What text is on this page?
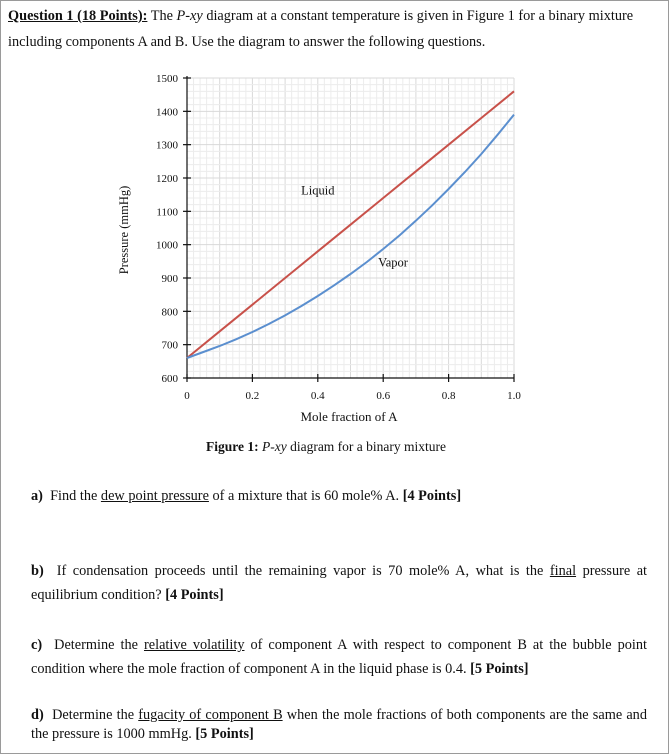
Question 1 (18 Points): The P-xy diagram at a constant temperature is given in Figure 1 for a binary mixture including components A and B. Use the diagram to answer the following questions.
600
700
800
900
1000
1100
1200
1300
1400
1500
0	0.2	0.4	0.6	0.8	1.0
Liquid
Vapor
Pressure (mmHg)
Mole fraction of A
Figure 1: P-xy diagram for a binary mixture
a) Find the dew point pressure of a mixture that is 60 mole% A. [4 Points]
b) If condensation proceeds until the remaining vapor is 70 mole% A, what is the final pressure at equilibrium condition? [4 Points]
c) Determine the relative volatility of component A with respect to component B at the bubble point condition where the mole fraction of component A in the liquid phase is 0.4. [5 Points]
d) Determine the fugacity of component B when the mole fractions of both components are the same and the pressure is 1000 mmHg. [5 Points]
